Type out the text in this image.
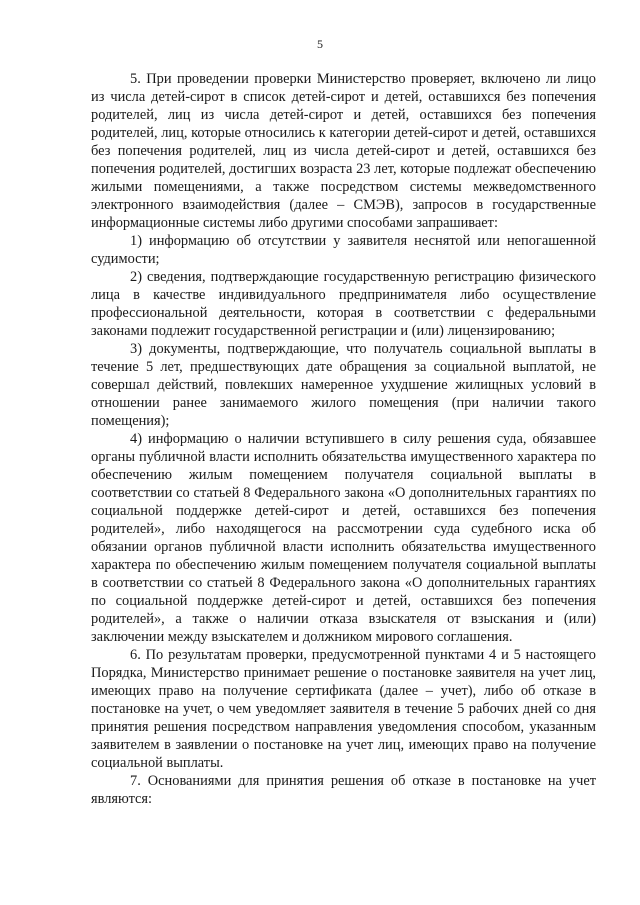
5

5. При проведении проверки Министерство проверяет, включено ли лицо из числа детей-сирот в список детей-сирот и детей, оставшихся без попечения родителей, лиц из числа детей-сирот и детей, оставшихся без попечения родителей, лиц, которые относились к категории детей-сирот и детей, оставшихся без попечения родителей, лиц из числа детей-сирот и детей, оставшихся без попечения родителей, достигших возраста 23 лет, которые подлежат обеспечению жилыми помещениями, а также посредством системы межведомственного электронного взаимодействия (далее – СМЭВ), запросов в государственные информационные системы либо другими способами запрашивает:

1) информацию об отсутствии у заявителя неснятой или непогашенной судимости;

2) сведения, подтверждающие государственную регистрацию физического лица в качестве индивидуального предпринимателя либо осуществление профессиональной деятельности, которая в соответствии с федеральными законами подлежит государственной регистрации и (или) лицензированию;

3) документы, подтверждающие, что получатель социальной выплаты в течение 5 лет, предшествующих дате обращения за социальной выплатой, не совершал действий, повлекших намеренное ухудшение жилищных условий в отношении ранее занимаемого жилого помещения (при наличии такого помещения);

4) информацию о наличии вступившего в силу решения суда, обязавшее органы публичной власти исполнить обязательства имущественного характера по обеспечению жилым помещением получателя социальной выплаты в соответствии со статьей 8 Федерального закона «О дополнительных гарантиях по социальной поддержке детей-сирот и детей, оставшихся без попечения родителей», либо находящегося на рассмотрении суда судебного иска об обязании органов публичной власти исполнить обязательства имущественного характера по обеспечению жилым помещением получателя социальной выплаты в соответствии со статьей 8 Федерального закона «О дополнительных гарантиях по социальной поддержке детей-сирот и детей, оставшихся без попечения родителей», а также о наличии отказа взыскателя от взыскания и (или) заключении между взыскателем и должником мирового соглашения.

6. По результатам проверки, предусмотренной пунктами 4 и 5 настоящего Порядка, Министерство принимает решение о постановке заявителя на учет лиц, имеющих право на получение сертификата (далее – учет), либо об отказе в постановке на учет, о чем уведомляет заявителя в течение 5 рабочих дней со дня принятия решения посредством направления уведомления способом, указанным заявителем в заявлении о постановке на учет лиц, имеющих право на получение социальной выплаты.

7. Основаниями для принятия решения об отказе в постановке на учет являются:
